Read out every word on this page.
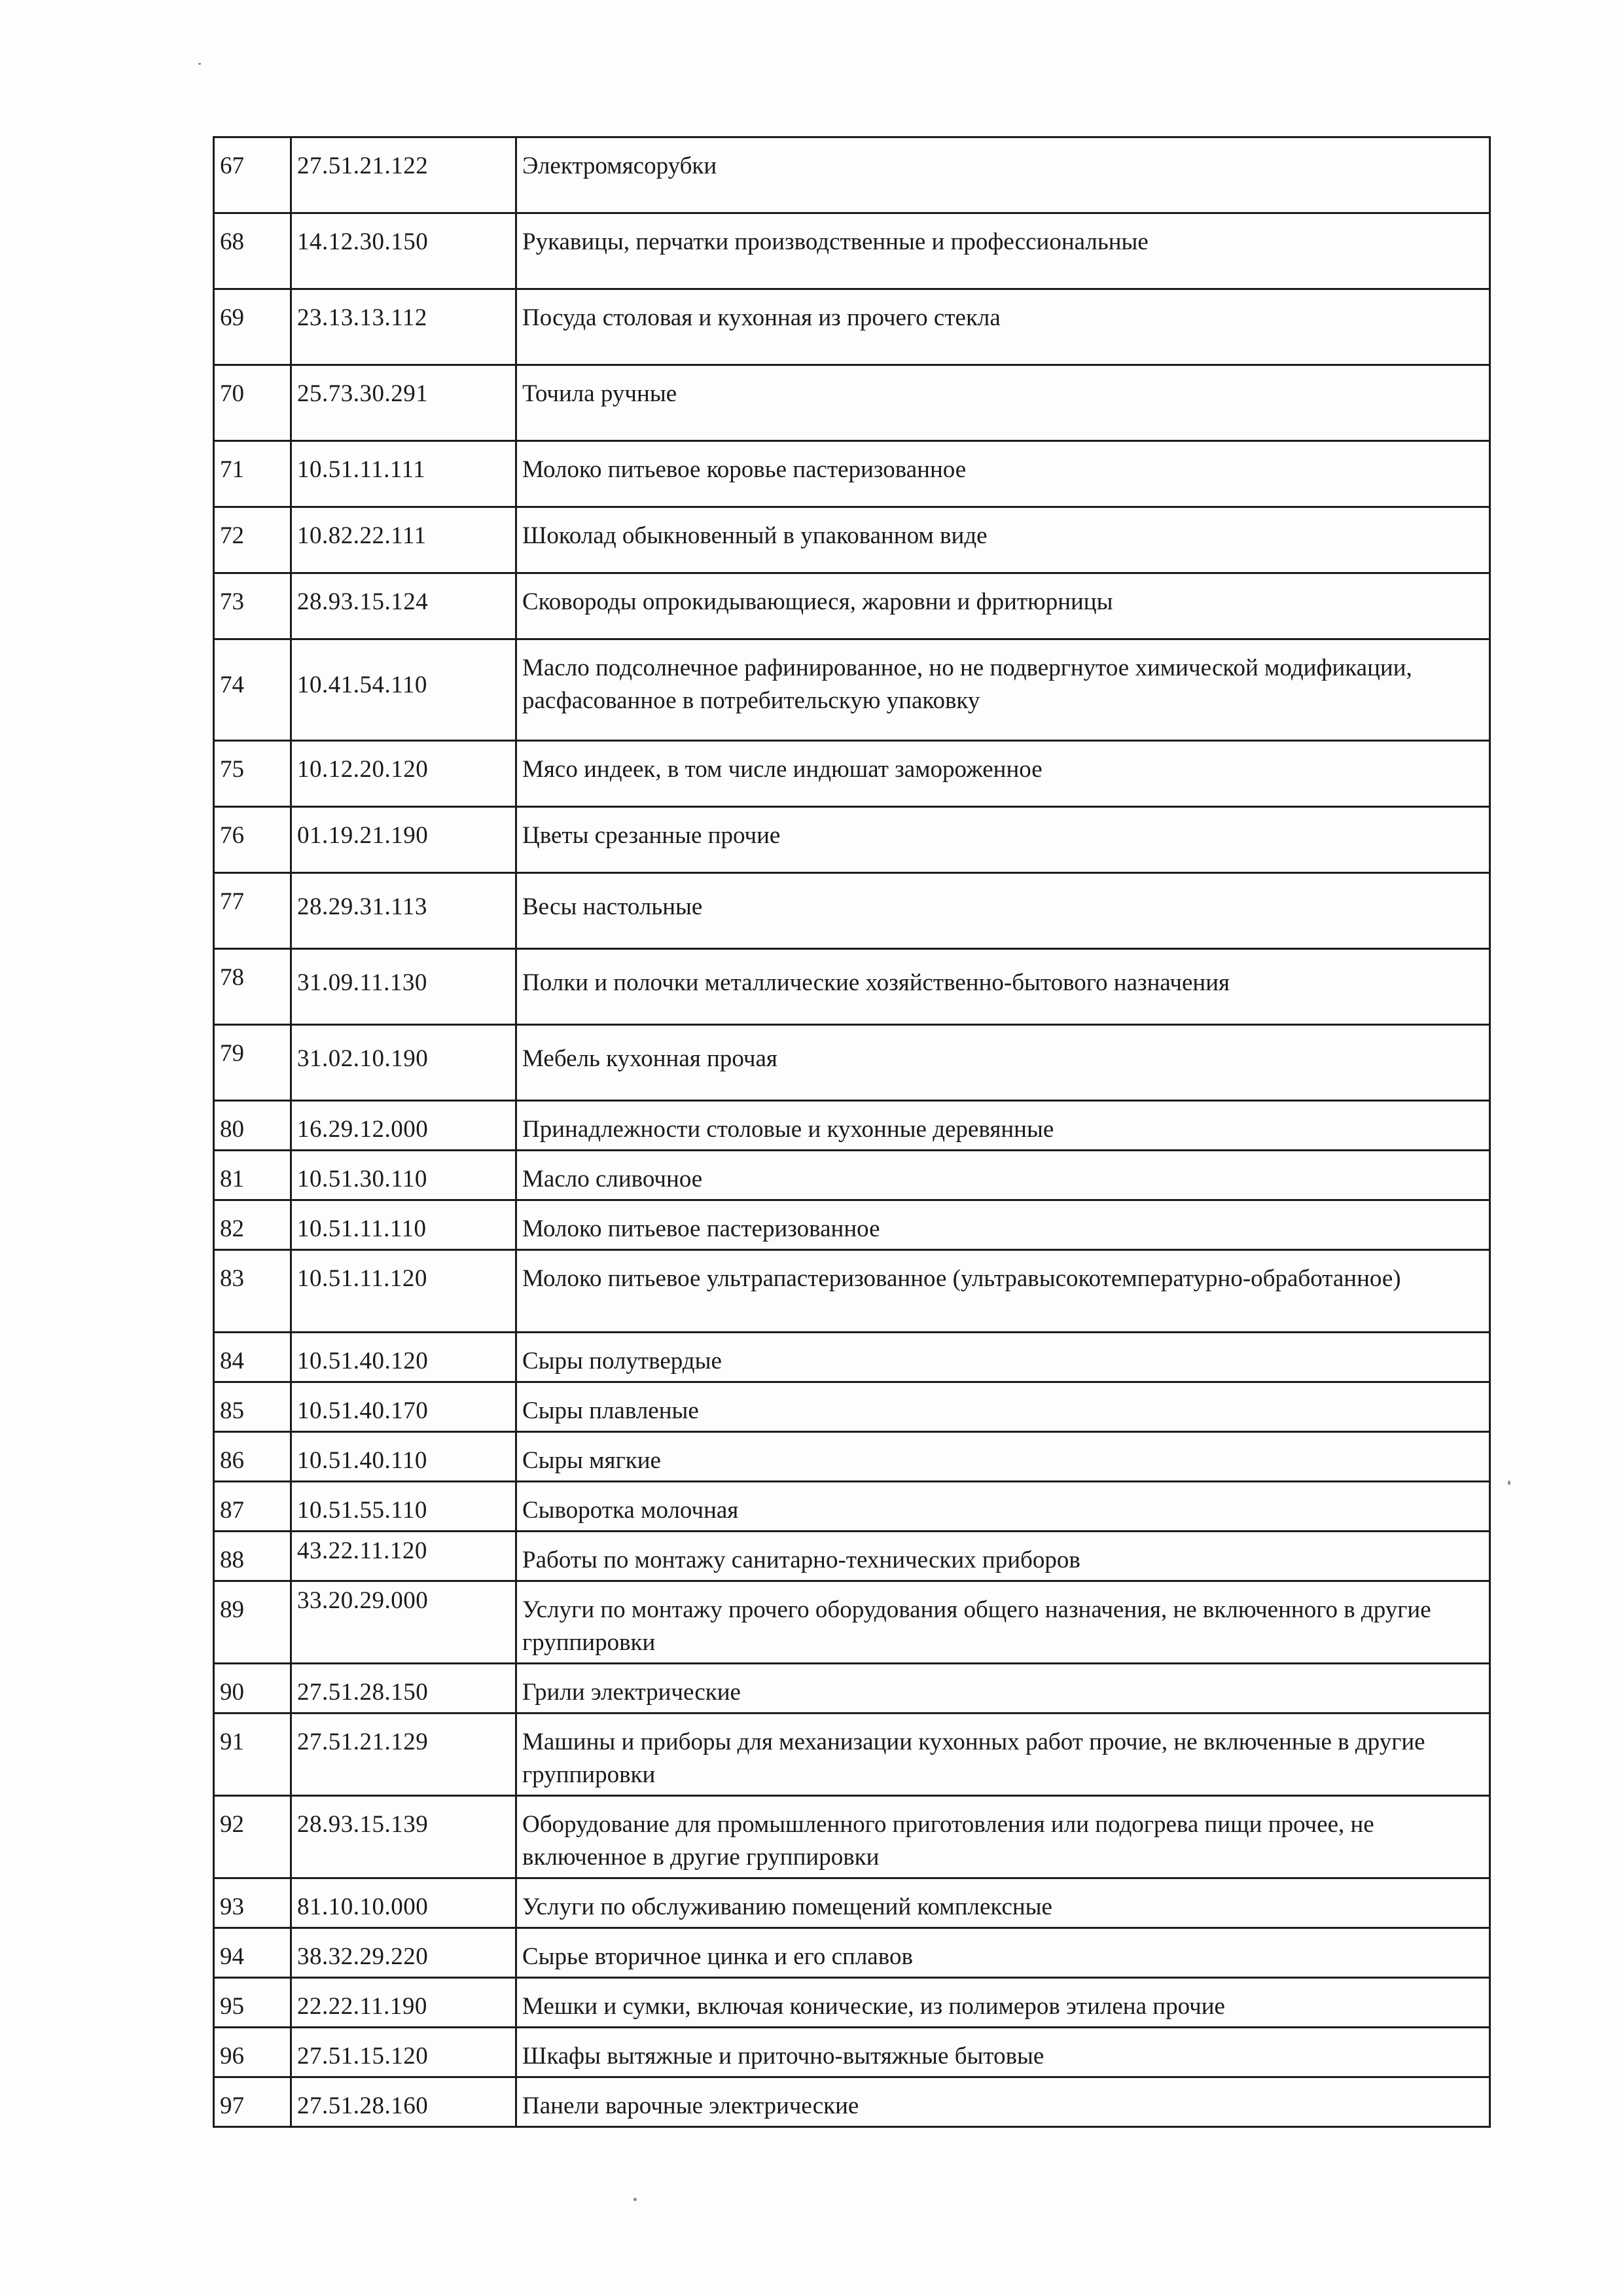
67	27.51.21.122	Электромясорубки
68	14.12.30.150	Рукавицы, перчатки производственные и профессиональные
69	23.13.13.112	Посуда столовая и кухонная из прочего стекла
70	25.73.30.291	Точила ручные
71	10.51.11.111	Молоко питьевое коровье пастеризованное
72	10.82.22.111	Шоколад обыкновенный в упакованном виде
73	28.93.15.124	Сковороды опрокидывающиеся, жаровни и фритюрницы
74	10.41.54.110	Масло подсолнечное рафинированное, но не подвергнутое химической модификации, расфасованное в потребительскую упаковку
75	10.12.20.120	Мясо индеек, в том числе индюшат замороженное
76	01.19.21.190	Цветы срезанные прочие
77	28.29.31.113	Весы настольные
78	31.09.11.130	Полки и полочки металлические хозяйственно-бытового назначения
79	31.02.10.190	Мебель кухонная прочая
80	16.29.12.000	Принадлежности столовые и кухонные деревянные
81	10.51.30.110	Масло сливочное
82	10.51.11.110	Молоко питьевое пастеризованное
83	10.51.11.120	Молоко питьевое ультрапастеризованное (ультравысокотемпературно-обработанное)
84	10.51.40.120	Сыры полутвердые
85	10.51.40.170	Сыры плавленые
86	10.51.40.110	Сыры мягкие
87	10.51.55.110	Сыворотка молочная
88	43.22.11.120	Работы по монтажу санитарно-технических приборов
89	33.20.29.000	Услуги по монтажу прочего оборудования общего назначения, не включенного в другие группировки
90	27.51.28.150	Грили электрические
91	27.51.21.129	Машины и приборы для механизации кухонных работ прочие, не включенные в другие группировки
92	28.93.15.139	Оборудование для промышленного приготовления или подогрева пищи прочее, не включенное в другие группировки
93	81.10.10.000	Услуги по обслуживанию помещений комплексные
94	38.32.29.220	Сырье вторичное цинка и его сплавов
95	22.22.11.190	Мешки и сумки, включая конические, из полимеров этилена прочие
96	27.51.15.120	Шкафы вытяжные и приточно-вытяжные бытовые
97	27.51.28.160	Панели варочные электрические
